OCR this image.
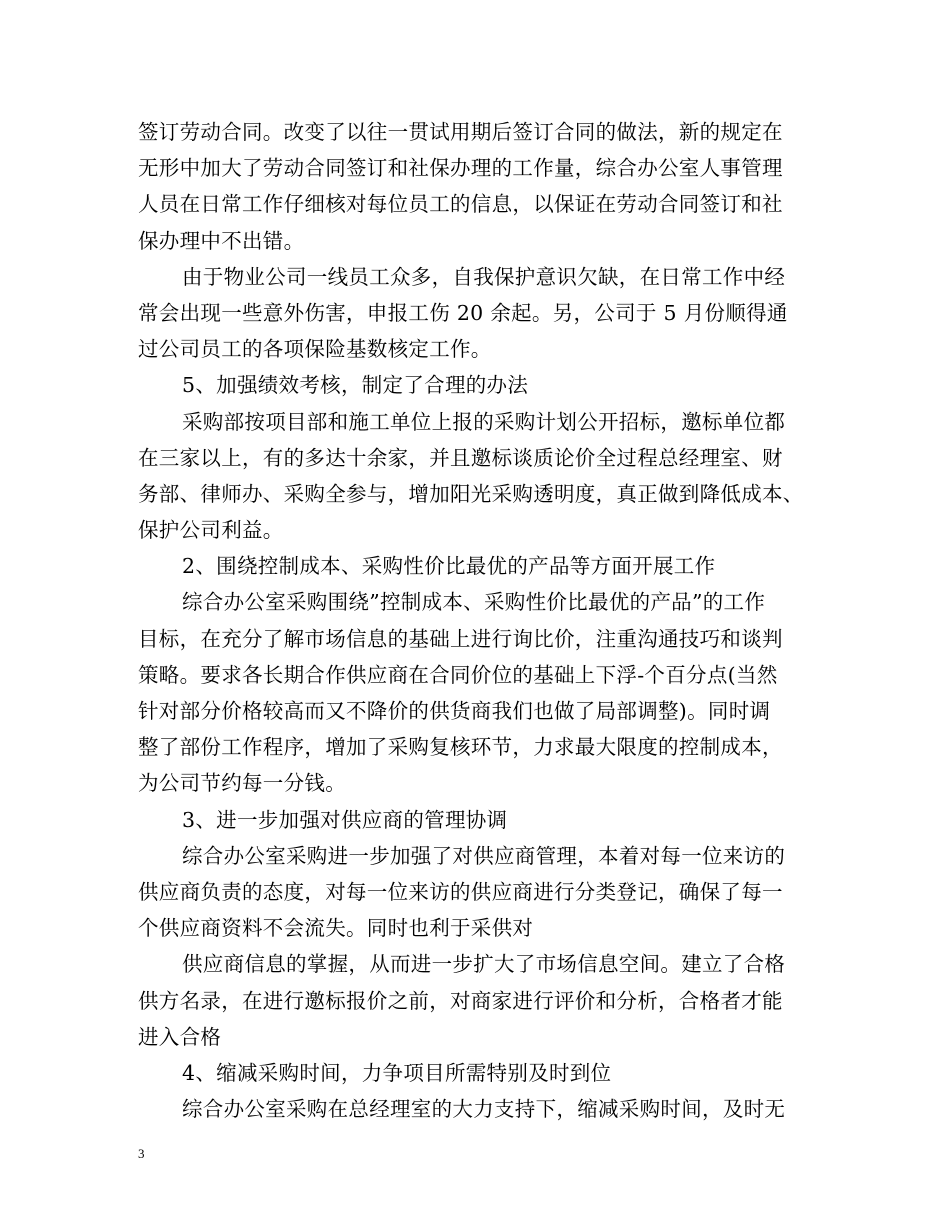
签订劳动合同。改变了以往一贯试用期后签订合同的做法，新的规定在
无形中加大了劳动合同签订和社保办理的工作量，综合办公室人事管理
人员在日常工作仔细核对每位员工的信息，以保证在劳动合同签订和社
保办理中不出错。
由于物业公司一线员工众多，自我保护意识欠缺，在日常工作中经
常会出现一些意外伤害，申报工伤 20 余起。另，公司于 5 月份顺得通
过公司员工的各项保险基数核定工作。
5、加强绩效考核，制定了合理的办法
采购部按项目部和施工单位上报的采购计划公开招标，邀标单位都
在三家以上，有的多达十余家，并且邀标谈质论价全过程总经理室、财
务部、律师办、采购全参与，增加阳光采购透明度，真正做到降低成本、
保护公司利益。
2、围绕控制成本、采购性价比最优的产品等方面开展工作
综合办公室采购围绕”控制成本、采购性价比最优的产品”的工作
目标，在充分了解市场信息的基础上进行询比价，注重沟通技巧和谈判
策略。要求各长期合作供应商在合同价位的基础上下浮-个百分点(当然
针对部分价格较高而又不降价的供货商我们也做了局部调整)。同时调
整了部份工作程序，增加了采购复核环节，力求最大限度的控制成本，
为公司节约每一分钱。
3、进一步加强对供应商的管理协调
综合办公室采购进一步加强了对供应商管理，本着对每一位来访的
供应商负责的态度，对每一位来访的供应商进行分类登记，确保了每一
个供应商资料不会流失。同时也利于采供对
供应商信息的掌握，从而进一步扩大了市场信息空间。建立了合格
供方名录，在进行邀标报价之前，对商家进行评价和分析，合格者才能
进入合格
4、缩减采购时间，力争项目所需特别及时到位
综合办公室采购在总经理室的大力支持下，缩减采购时间，及时无
3
